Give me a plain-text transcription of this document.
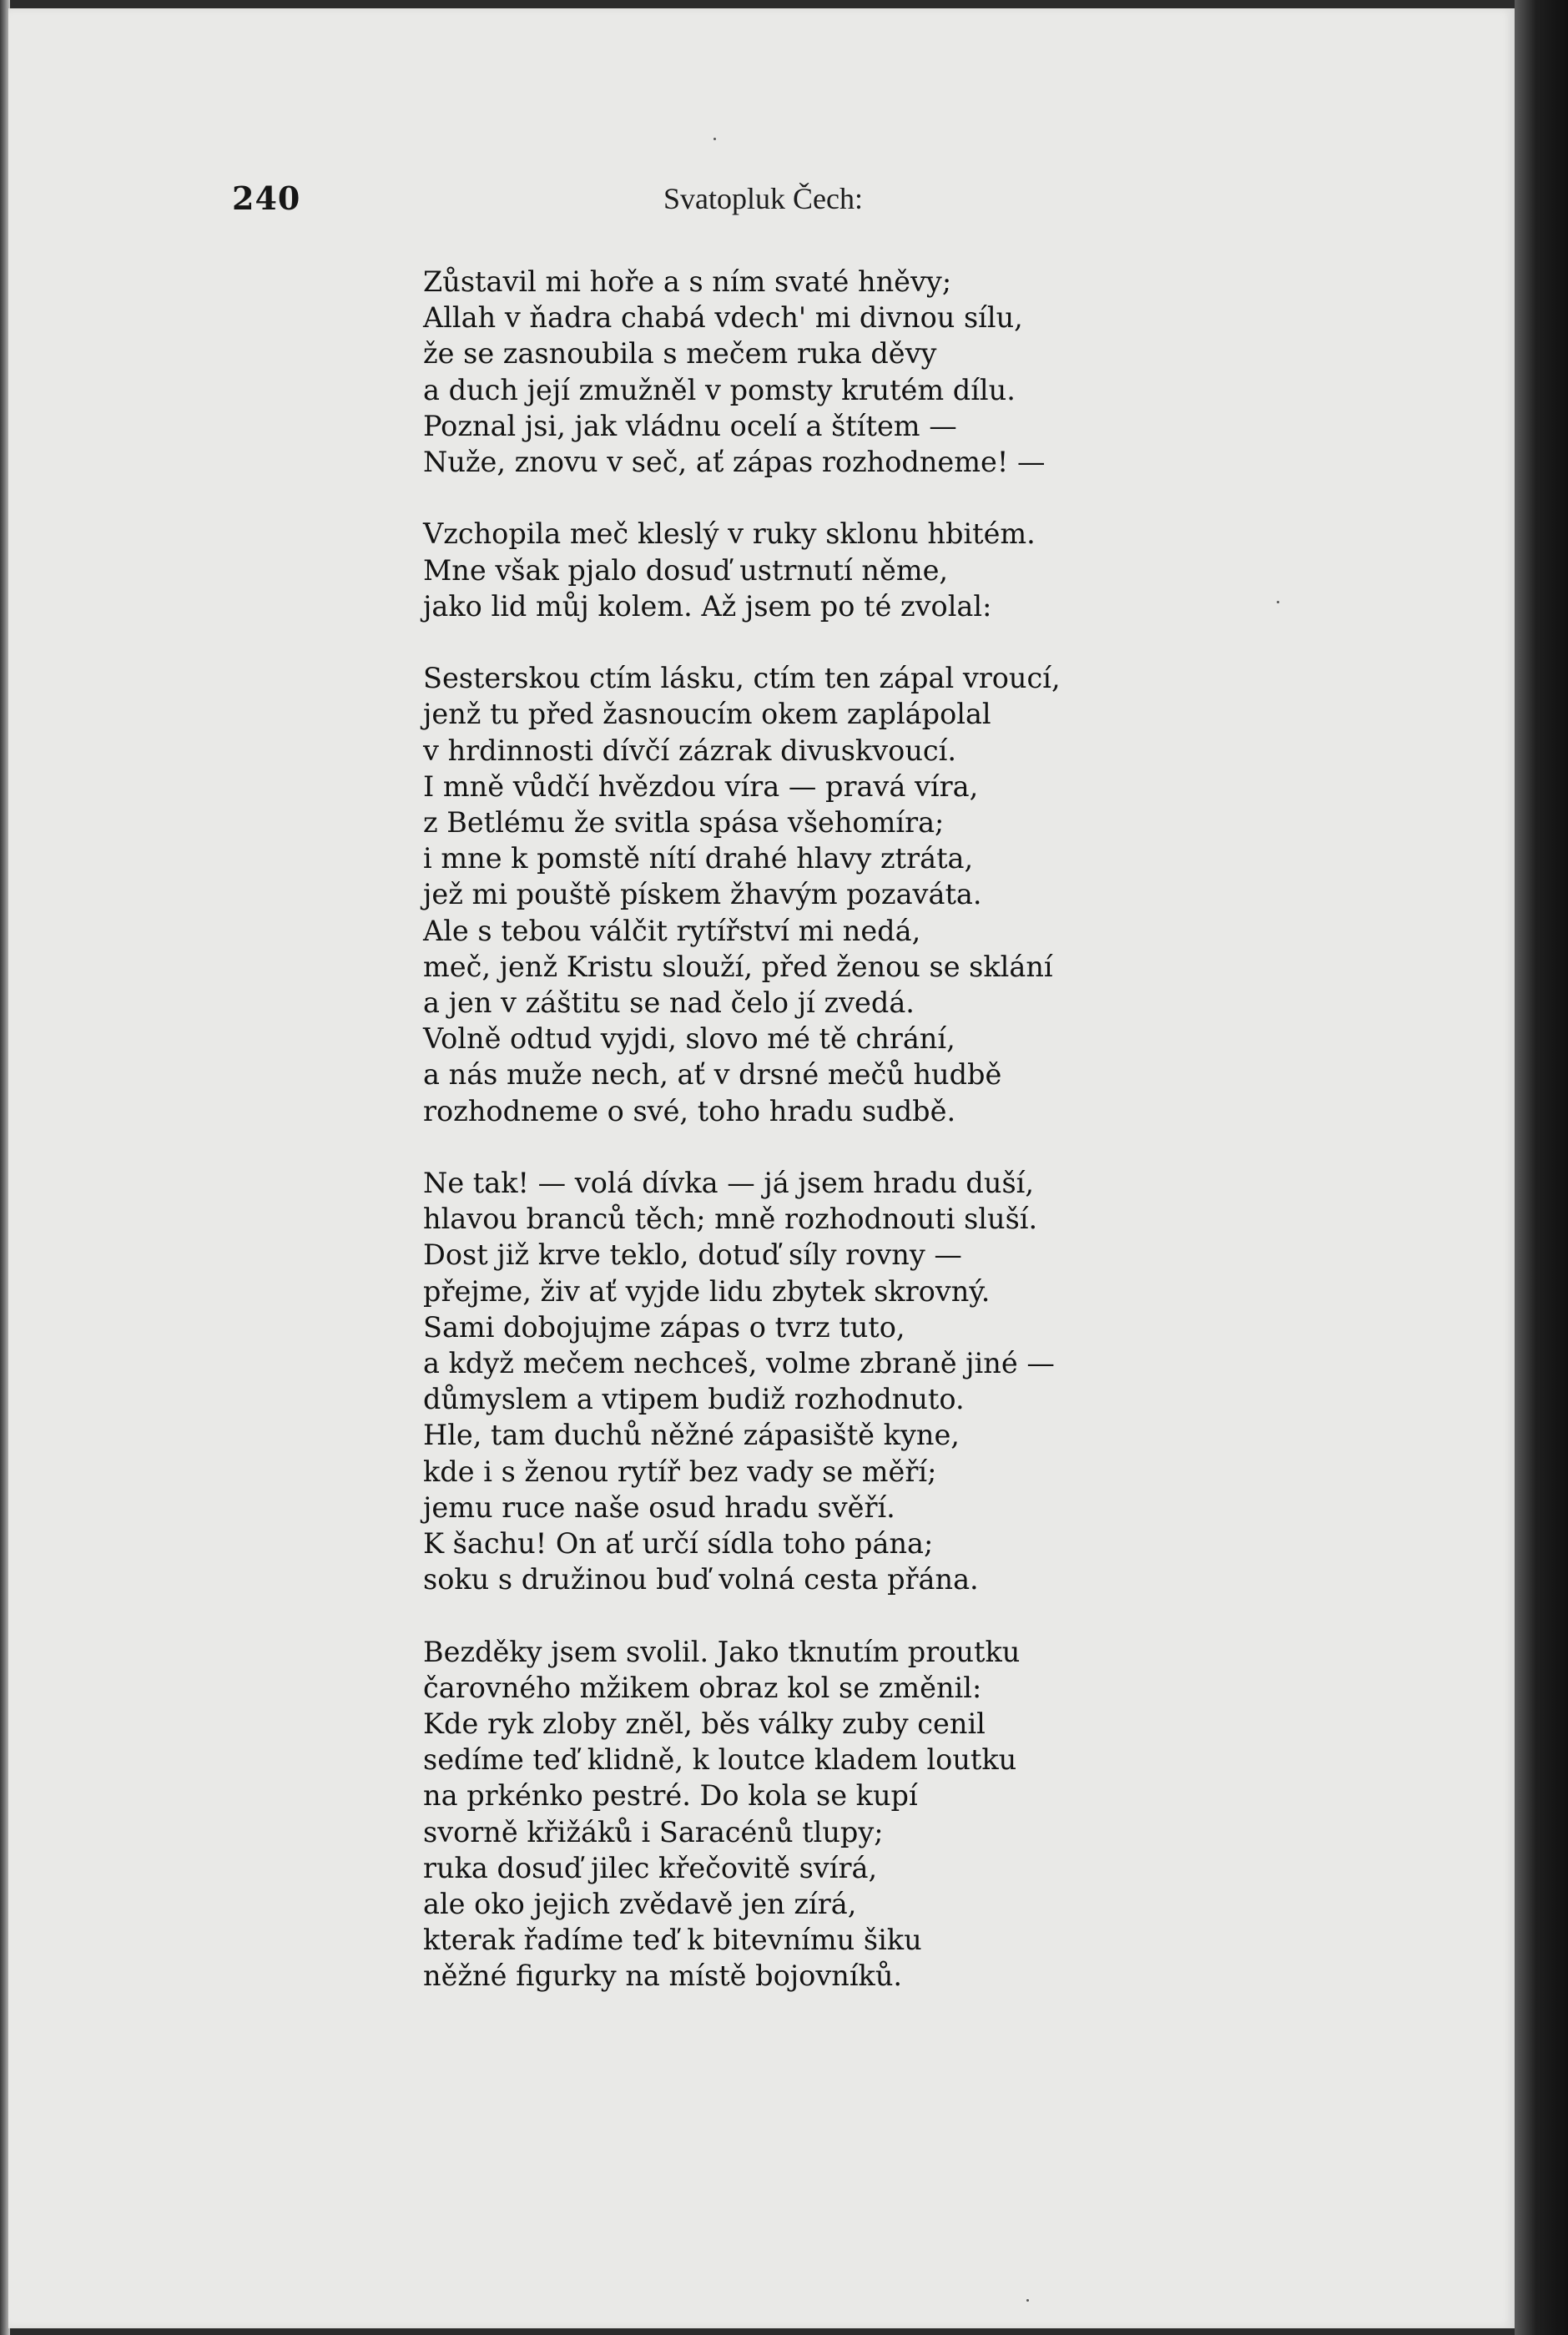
240	Svatopluk Čech:
Zůstavil mi hoře a s ním svaté hněvy;
Allah v ňadra chabá vdech' mi divnou sílu,
že se zasnoubila s mečem ruka děvy
a duch její zmužněl v pomsty krutém dílu.
Poznal jsi, jak vládnu ocelí a štítem —
Nuže, znovu v seč, ať zápas rozhodneme! —
Vzchopila meč kleslý v ruky sklonu hbitém.
Mne však pjalo dosuď ustrnutí něme,
jako lid můj kolem. Až jsem po té zvolal:
Sesterskou ctím lásku, ctím ten zápal vroucí,
jenž tu před žasnoucím okem zaplápolal
v hrdinnosti dívčí zázrak divuskvoucí.
I mně vůdčí hvězdou víra — pravá víra,
z Betlému že svitla spása všehomíra;
i mne k pomstě nítí drahé hlavy ztráta,
jež mi pouště pískem žhavým pozaváta.
Ale s tebou válčit rytířství mi nedá,
meč, jenž Kristu slouží, před ženou se sklání
a jen v záštitu se nad čelo jí zvedá.
Volně odtud vyjdi, slovo mé tě chrání,
a nás muže nech, ať v drsné mečů hudbě
rozhodneme o své, toho hradu sudbě.
Ne tak! — volá dívka — já jsem hradu duší,
hlavou branců těch; mně rozhodnouti sluší.
Dost již krve teklo, dotuď síly rovny —
přejme, živ ať vyjde lidu zbytek skrovný.
Sami dobojujme zápas o tvrz tuto,
a když mečem nechceš, volme zbraně jiné —
důmyslem a vtipem budiž rozhodnuto.
Hle, tam duchů něžné zápasiště kyne,
kde i s ženou rytíř bez vady se měří;
jemu ruce naše osud hradu svěří.
K šachu! On ať určí sídla toho pána;
soku s družinou buď volná cesta přána.
Bezděky jsem svolil. Jako tknutím proutku
čarovného mžikem obraz kol se změnil:
Kde ryk zloby zněl, běs války zuby cenil
sedíme teď klidně, k loutce kladem loutku
na prkénko pestré. Do kola se kupí
svorně křižáků i Saracénů tlupy;
ruka dosuď jilec křečovitě svírá,
ale oko jejich zvědavě jen zírá,
kterak řadíme teď k bitevnímu šiku
něžné figurky na místě bojovníků.
